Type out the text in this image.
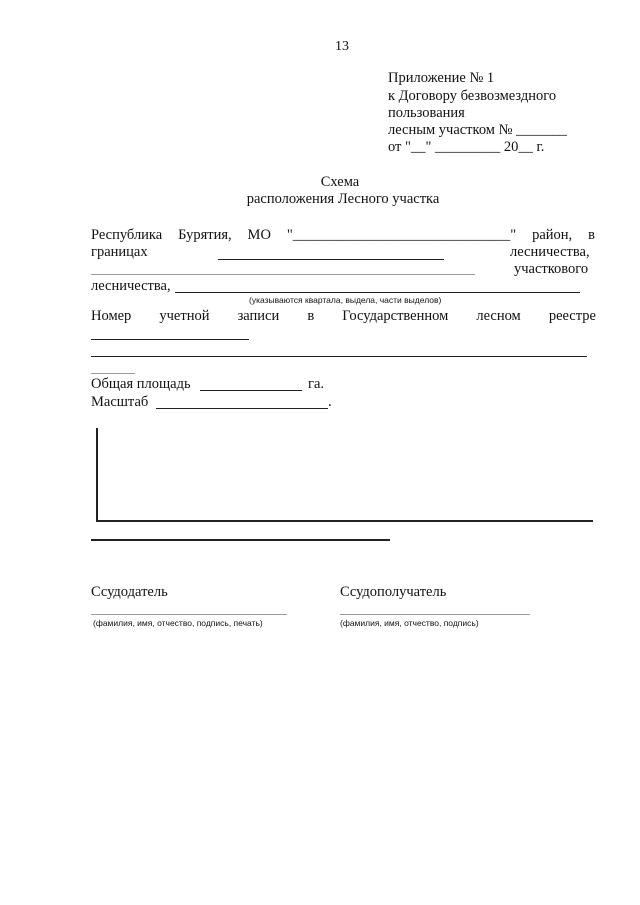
13
Приложение № 1
к Договору безвозмездного
пользования
лесным участком № _______
от "__" _________ 20__ г.
Схема
расположения Лесного участка
Республика Бурятия, МО "______________________________" район, в
границах	лесничества,
участкового
лесничества,
(указываются квартала, выдела, части выделов)
Номер учетной записи в Государственном лесном реестре
Общая площадь	га.
Масштаб	.
Ссудодатель
(фамилия, имя, отчество, подпись, печать)
Ссудополучатель
(фамилия, имя, отчество, подпись)
